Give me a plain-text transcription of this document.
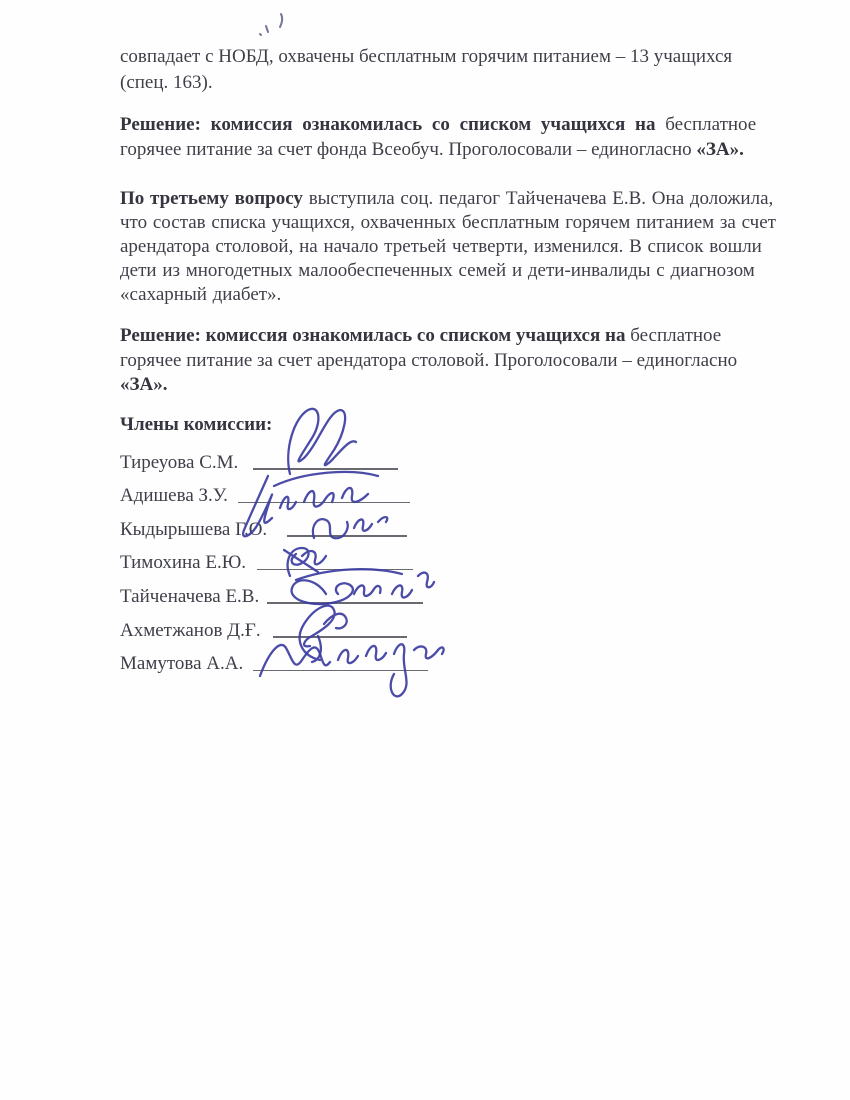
совпадает с НОБД, охвачены бесплатным горячим питанием – 13 учащихся
(спец. 163).
Решение: комиссия ознакомилась со списком учащихся на бесплатное
горячее питание за счет фонда Всеобуч. Проголосовали – единогласно «ЗА».
По третьему вопросу выступила соц. педагог Тайченачева Е.В. Она доложила,
что состав списка учащихся, охваченных бесплатным горячем питанием за счет
арендатора столовой, на начало третьей четверти, изменился. В список вошли
дети из многодетных малообеспеченных семей и дети-инвалиды с диагнозом
«сахарный диабет».
Решение: комиссия ознакомилась со списком учащихся на бесплатное
горячее питание за счет арендатора столовой. Проголосовали – единогласно
«ЗА».
Члены комиссии:
Тиреуова С.М.
Адишева З.У.
Кыдырышева Г.О.
Тимохина Е.Ю.
Тайченачева Е.В.
Ахметжанов Д.Ғ.
Мамутова А.А.
